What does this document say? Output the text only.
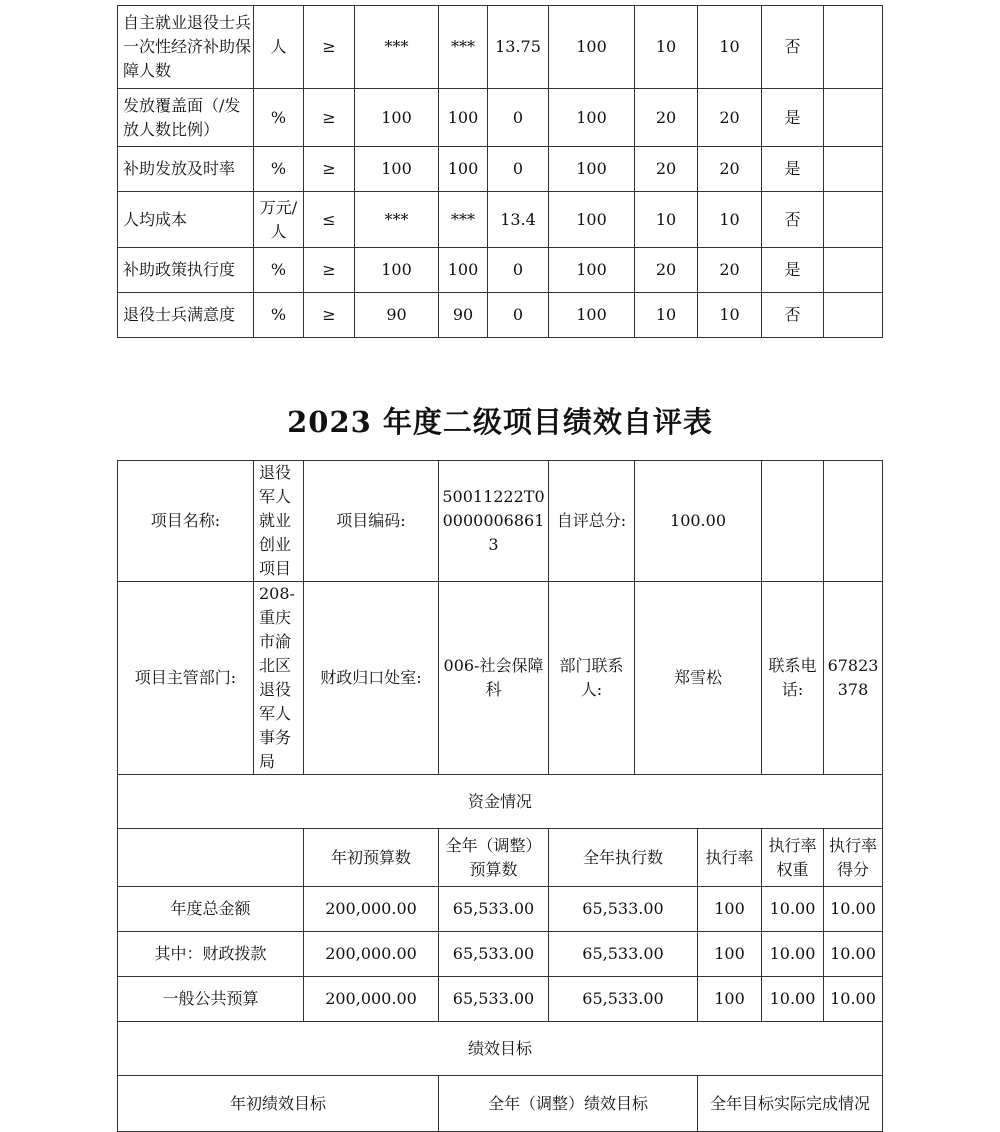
自主就业退役士兵一次性经济补助保障人数	人	≥	***	***	13.75	100	10	10	否	
发放覆盖面（/发放人数比例）	%	≥	100	100	0	100	20	20	是	
补助发放及时率	%	≥	100	100	0	100	20	20	是	
人均成本	万元/人	≤	***	***	13.4	100	10	10	否	
补助政策执行度	%	≥	100	100	0	100	20	20	是	
退役士兵满意度	%	≥	90	90	0	100	10	10	否	
2023 年度二级项目绩效自评表
项目名称:	退役军人就业创业项目	项目编码:	50011222T000000068613	自评总分:	100.00			
项目主管部门:	208-重庆市渝北区退役军人事务局	财政归口处室:	006-社会保障科	部门联系人:	郑雪松		联系电话:	67823378
资金情况								
		年初预算数	全年（调整）预算数	全年执行数		执行率	执行率权重	执行率得分
年度总金额		200,000.00	65,533.00	65,533.00		100	10.00	10.00
其中：财政拨款		200,000.00	65,533.00	65,533.00		100	10.00	10.00
一般公共预算		200,000.00	65,533.00	65,533.00		100	10.00	10.00
绩效目标								
年初绩效目标			全年（调整）绩效目标			全年目标实际完成情况		
